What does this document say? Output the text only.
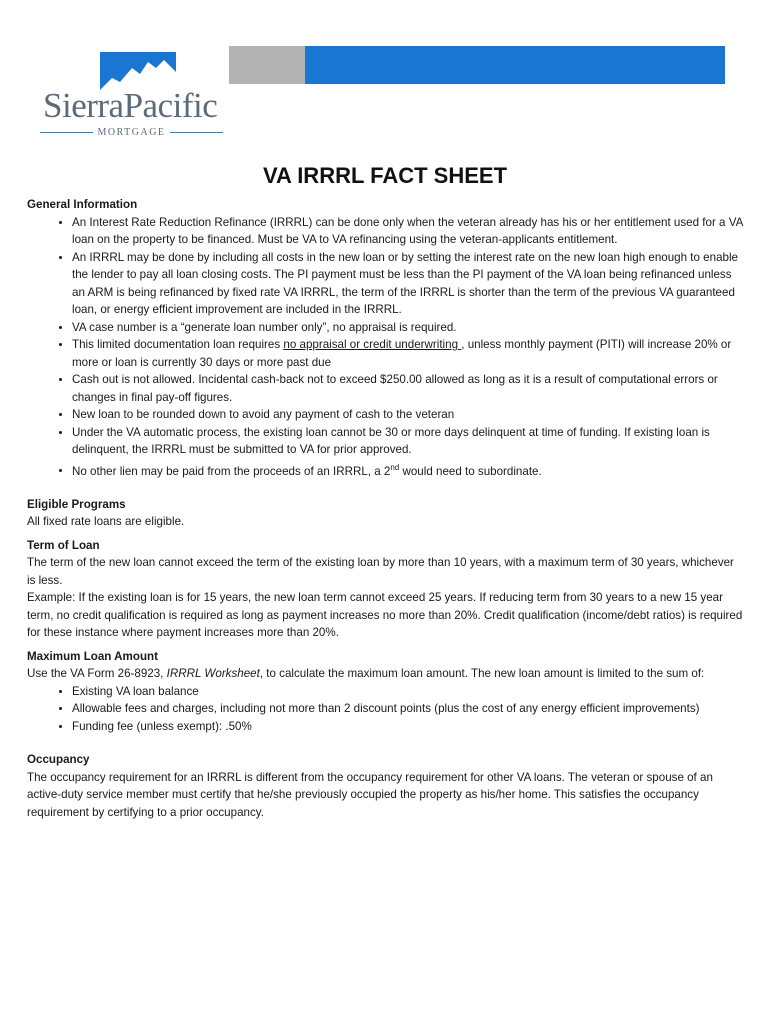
SierraPacific
MORTGAGE
VA IRRRL FACT SHEET
General Information
• An Interest Rate Reduction Refinance (IRRRL) can be done only when the veteran already has his or her entitlement used for a VA loan on the property to be financed. Must be VA to VA refinancing using the veteran-applicants entitlement.
• An IRRRL may be done by including all costs in the new loan or by setting the interest rate on the new loan high enough to enable the lender to pay all loan closing costs. The PI payment must be less than the PI payment of the VA loan being refinanced unless an ARM is being refinanced by fixed rate VA IRRRL, the term of the IRRRL is shorter than the term of the previous VA guaranteed loan, or energy efficient improvement are included in the IRRRL.
• VA case number is a “generate loan number only”, no appraisal is required.
• This limited documentation loan requires no appraisal or credit underwriting , unless monthly payment (PITI) will increase 20% or more or loan is currently 30 days or more past due
• Cash out is not allowed. Incidental cash-back not to exceed $250.00 allowed as long as it is a result of computational errors or changes in final pay-off figures.
• New loan to be rounded down to avoid any payment of cash to the veteran
• Under the VA automatic process, the existing loan cannot be 30 or more days delinquent at time of funding. If existing loan is delinquent, the IRRRL must be submitted to VA for prior approved.
• No other lien may be paid from the proceeds of an IRRRL, a 2nd would need to subordinate.
Eligible Programs

All fixed rate loans are eligible.

Term of Loan

The term of the new loan cannot exceed the term of the existing loan by more than 10 years, with a maximum term of 30 years, whichever is less.

Example: If the existing loan is for 15 years, the new loan term cannot exceed 25 years. If reducing term from 30 years to a new 15 year term, no credit qualification is required as long as payment increases no more than 20%. Credit qualification (income/debt ratios) is required for these instance where payment increases more than 20%.

Maximum Loan Amount

Use the VA Form 26-8923, IRRRL Worksheet, to calculate the maximum loan amount. The new loan amount is limited to the sum of:

• Existing VA loan balance
• Allowable fees and charges, including not more than 2 discount points (plus the cost of any energy efficient improvements)
• Funding fee (unless exempt): .50%
Occupancy

The occupancy requirement for an IRRRL is different from the occupancy requirement for other VA loans. The veteran or spouse of an active-duty service member must certify that he/she previously occupied the property as his/her home. This satisfies the occupancy requirement by certifying to a prior occupancy.
